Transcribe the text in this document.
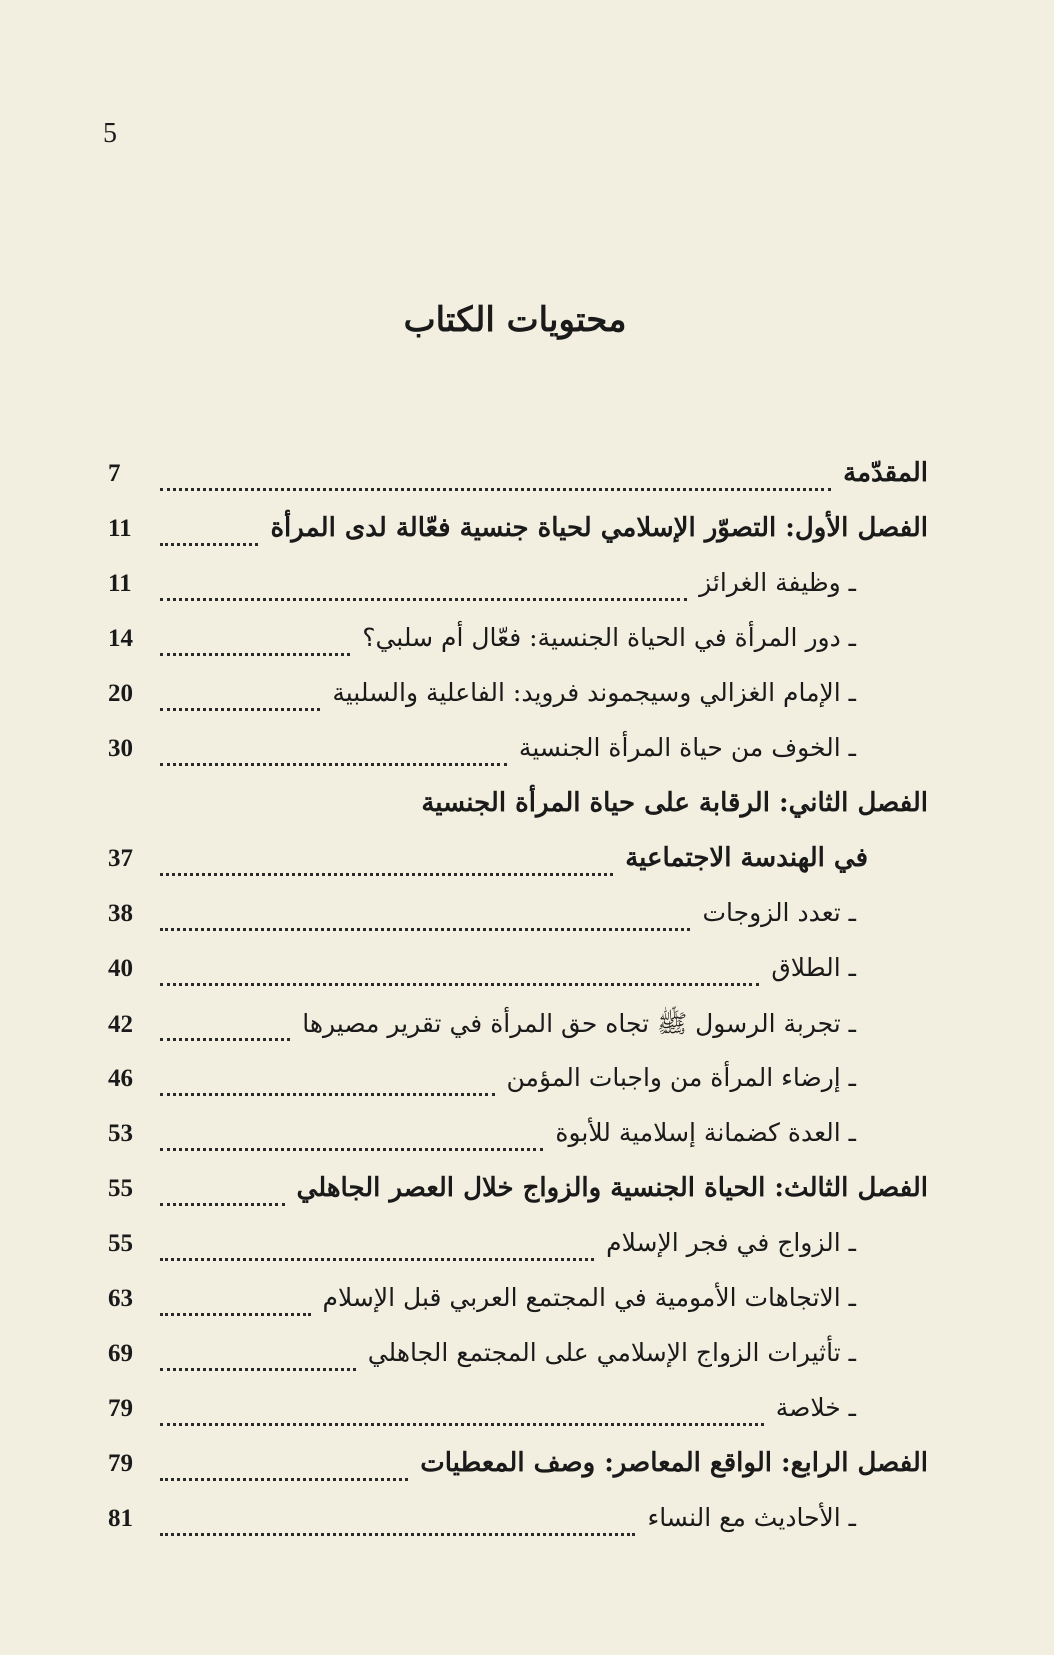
5
محتويات الكتاب
المقدّمة
7
الفصل الأول: التصوّر الإسلامي لحياة جنسية فعّالة لدى المرأة
11
ـ وظيفة الغرائز
11
ـ دور المرأة في الحياة الجنسية: فعّال أم سلبي؟
14
ـ الإمام الغزالي وسيجموند فرويد: الفاعلية والسلبية
20
ـ الخوف من حياة المرأة الجنسية
30
الفصل الثاني: الرقابة على حياة المرأة الجنسية
في الهندسة الاجتماعية
37
ـ تعدد الزوجات
38
ـ الطلاق
40
ـ تجربة الرسول ﷺ تجاه حق المرأة في تقرير مصيرها
42
ـ إرضاء المرأة من واجبات المؤمن
46
ـ العدة كضمانة إسلامية للأبوة
53
الفصل الثالث: الحياة الجنسية والزواج خلال العصر الجاهلي
55
ـ الزواج في فجر الإسلام
55
ـ الاتجاهات الأمومية في المجتمع العربي قبل الإسلام
63
ـ تأثيرات الزواج الإسلامي على المجتمع الجاهلي
69
ـ خلاصة
79
الفصل الرابع: الواقع المعاصر: وصف المعطيات
79
ـ الأحاديث مع النساء
81
